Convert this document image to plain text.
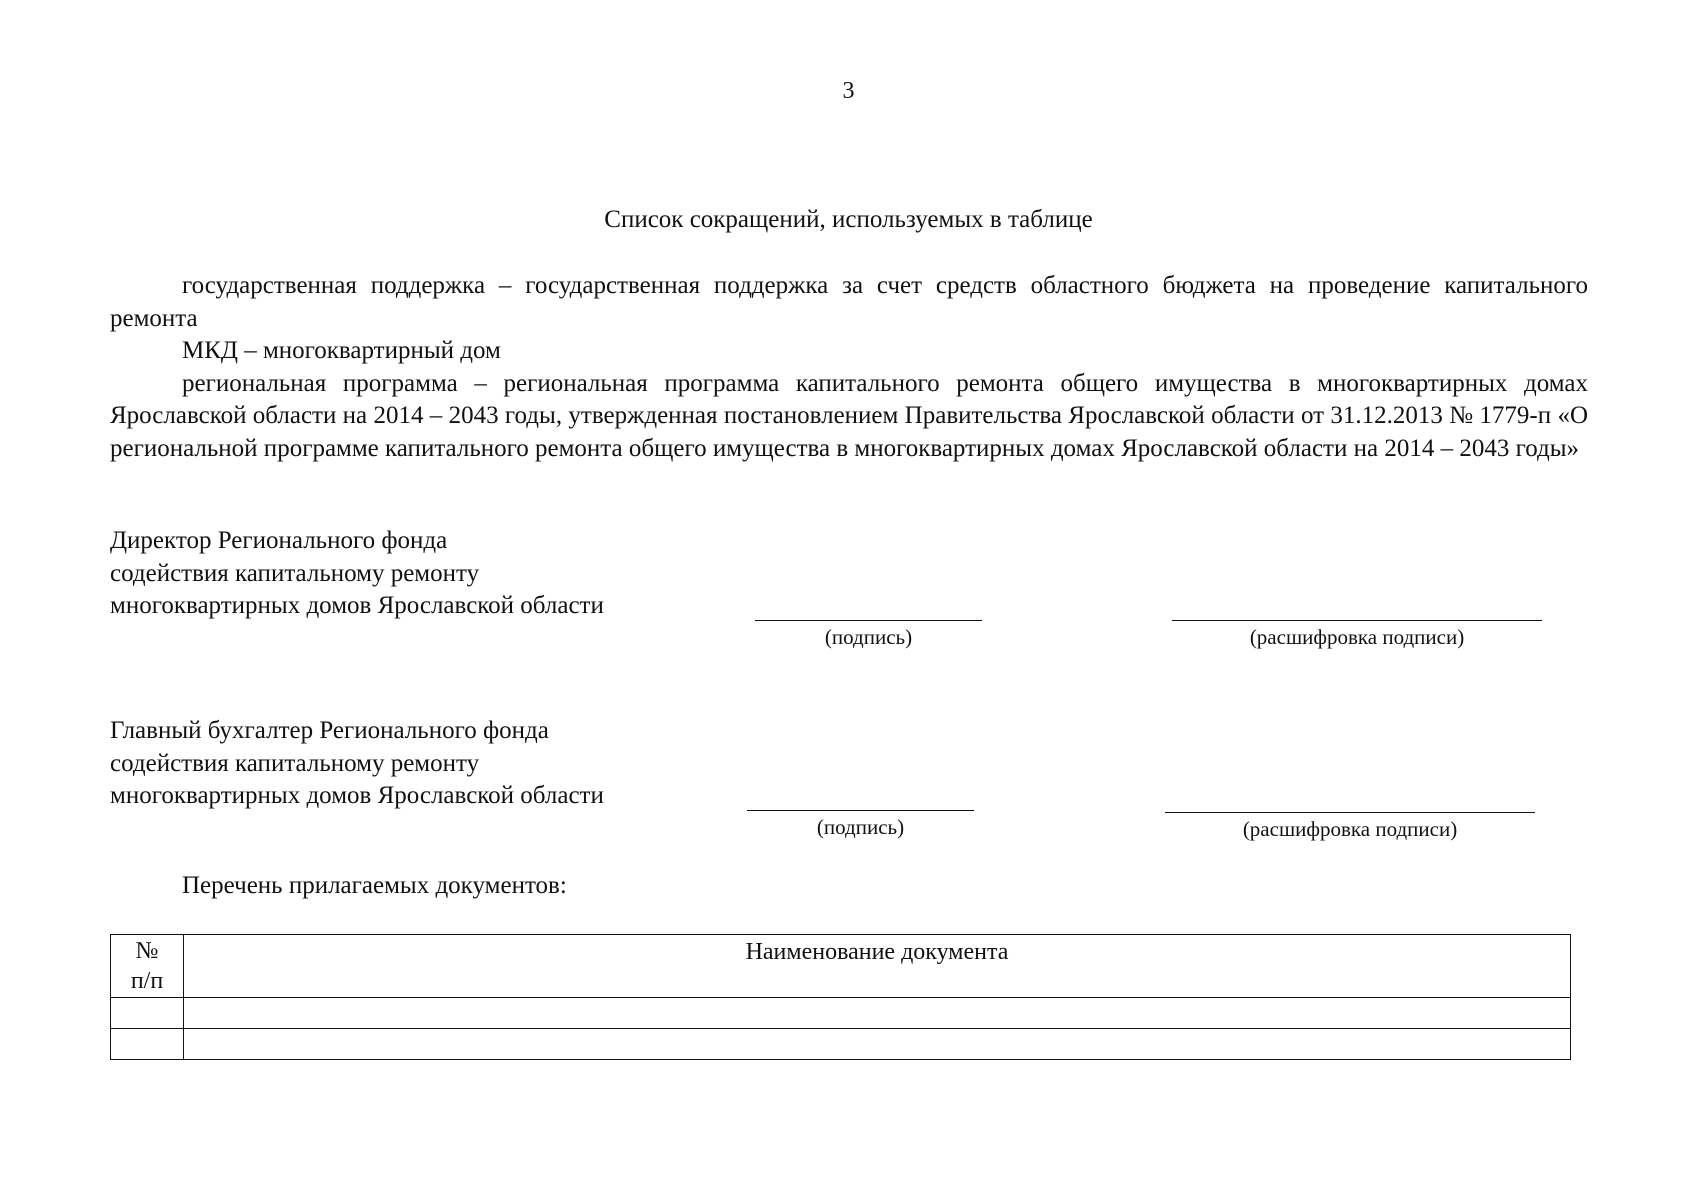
3
Список сокращений, используемых в таблице

государственная поддержка – государственная поддержка за счет средств областного бюджета на проведение капитального ремонта

МКД – многоквартирный дом

региональная программа – региональная программа капитального ремонта общего имущества в многоквартирных домах Ярославской области на 2014 – 2043 годы, утвержденная постановлением Правительства Ярославской области от 31.12.2013 № 1779-п «О региональной программе капитального ремонта общего имущества в многоквартирных домах Ярославской области на 2014 – 2043 годы»

Директор Регионального фонда
содействия капитальному ремонту
многоквартирных домов Ярославской области
(подпись)	(расшифровка подписи)
Главный бухгалтер Регионального фонда
содействия капитальному ремонту
многоквартирных домов Ярославской области
(подпись)	(расшифровка подписи)
Перечень прилагаемых документов:
№
п/п	Наименование документа
